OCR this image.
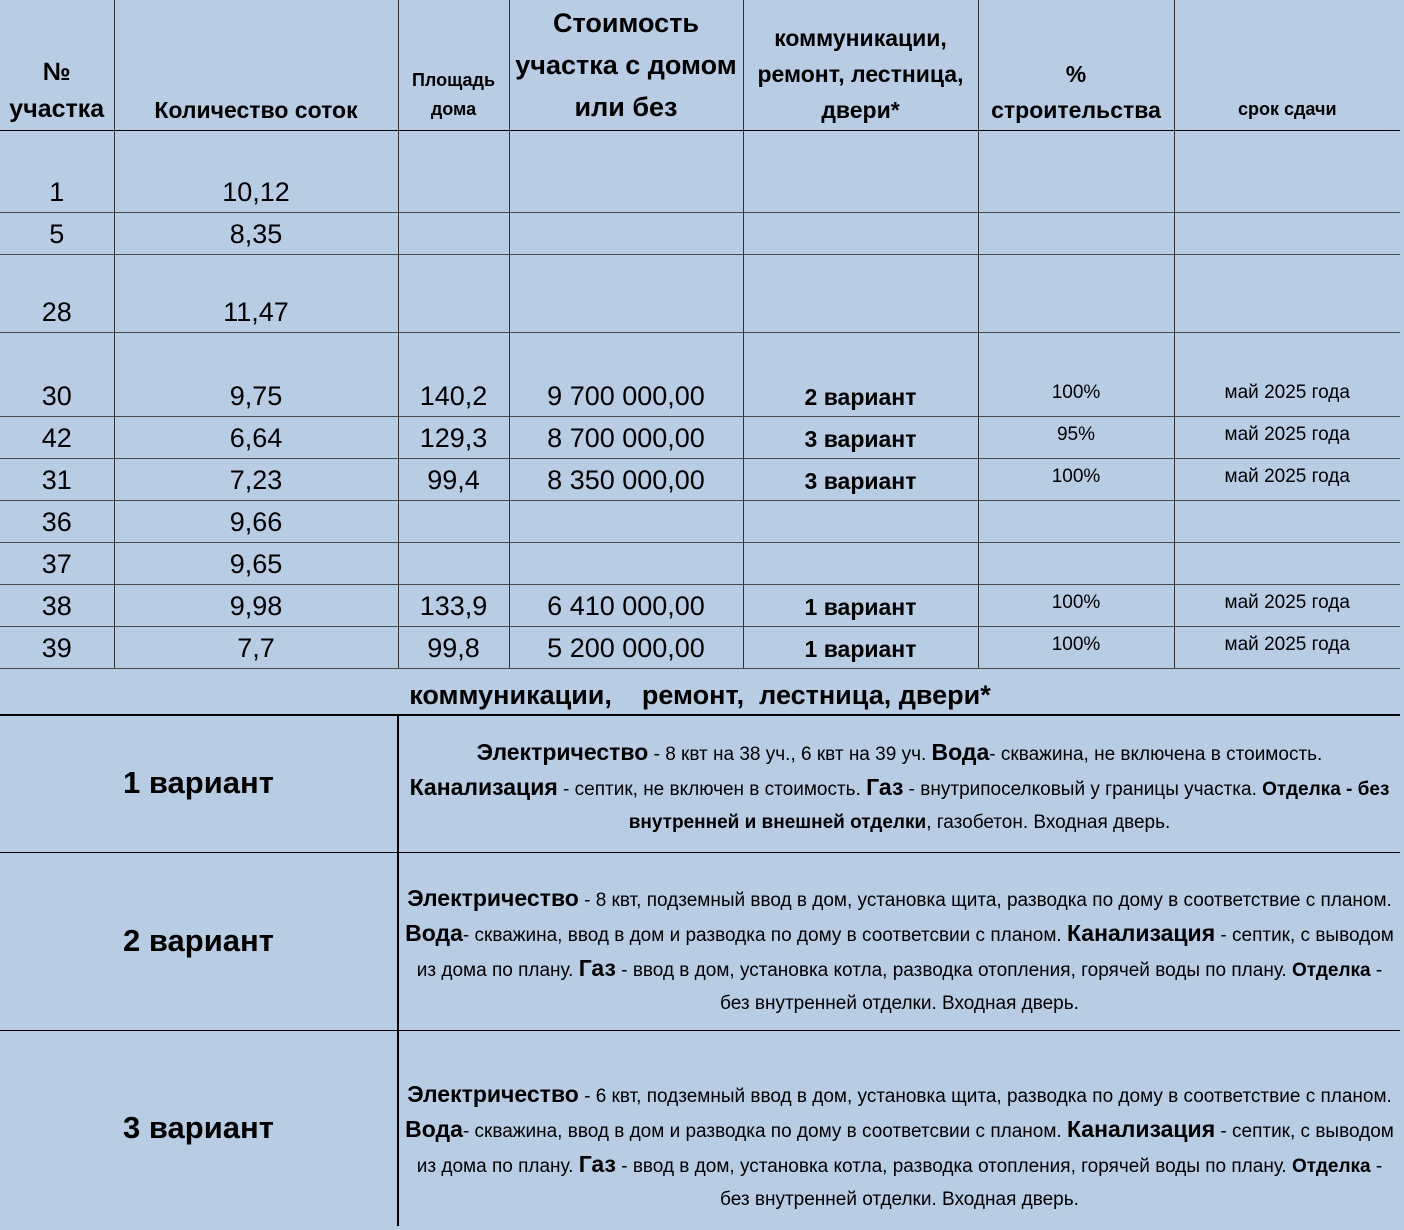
№ участка	Количество соток	Площадь дома	Стоимость участка с домом или без	коммуникации, ремонт, лестница, двери*	% строительства	срок сдачи
1	10,12					
5	8,35					
28	11,47					
30	9,75	140,2	9 700 000,00	2 вариант	100%	май 2025 года
42	6,64	129,3	8 700 000,00	3 вариант	95%	май 2025 года
31	7,23	99,4	8 350 000,00	3 вариант	100%	май 2025 года
36	9,66					
37	9,65					
38	9,98	133,9	6 410 000,00	1 вариант	100%	май 2025 года
39	7,7	99,8	5 200 000,00	1 вариант	100%	май 2025 года
коммуникации,    ремонт,  лестница, двери*
1 вариант	Электричество - 8 квт на 38 уч., 6 квт на 39 уч. Вода- скважина, не включена в стоимость. Канализация - септик, не включен в стоимость. Газ - внутрипоселковый у границы участка. Отделка - без внутренней и внешней отделки, газобетон. Входная дверь.
2 вариант	Электричество - 8 квт, подземный ввод в дом, установка щита, разводка по дому в соответствие с планом. Вода- скважина, ввод в дом и разводка по дому в соответсвии с планом. Канализация - септик, с выводом из дома по плану. Газ - ввод в дом, установка котла, разводка отопления, горячей воды по плану. Отделка - без внутренней отделки. Входная дверь.
3 вариант	Электричество - 6 квт, подземный ввод в дом, установка щита, разводка по дому в соответствие с планом. Вода- скважина, ввод в дом и разводка по дому в соответсвии с планом. Канализация - септик, с выводом из дома по плану. Газ - ввод в дом, установка котла, разводка отопления, горячей воды по плану. Отделка - без внутренней отделки. Входная дверь.
